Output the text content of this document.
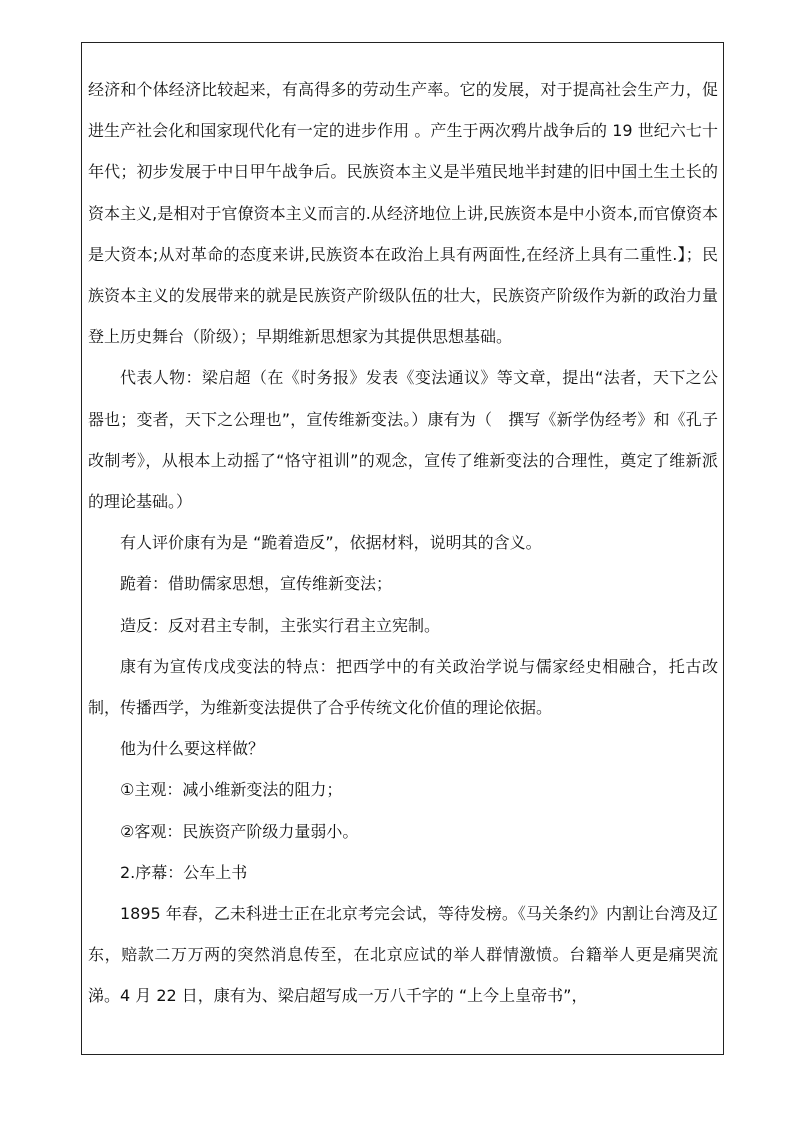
经济和个体经济比较起来，有高得多的劳动生产率。它的发展，对于提高社会生产力，促进生产社会化和国家现代化有一定的进步作用 。产生于两次鸦片战争后的 19 世纪六七十年代；初步发展于中日甲午战争后。民族资本主义是半殖民地半封建的旧中国土生土长的资本主义,是相对于官僚资本主义而言的.从经济地位上讲,民族资本是中小资本,而官僚资本是大资本;从对革命的态度来讲,民族资本在政治上具有两面性,在经济上具有二重性.】；民族资本主义的发展带来的就是民族资产阶级队伍的壮大，民族资产阶级作为新的政治力量登上历史舞台（阶级）；早期维新思想家为其提供思想基础。

代表人物：梁启超（在《时务报》发表《变法通议》等文章，提出“法者，天下之公器也；变者，天下之公理也”，宣传维新变法。）康有为（　撰写《新学伪经考》和《孔子改制考》，从根本上动摇了“恪守祖训”的观念，宣传了维新变法的合理性，奠定了维新派的理论基础。）

有人评价康有为是 “跪着造反”，依据材料，说明其的含义。

跪着：借助儒家思想，宣传维新变法；

造反：反对君主专制，主张实行君主立宪制。

康有为宣传戊戌变法的特点：把西学中的有关政治学说与儒家经史相融合，托古改制，传播西学，为维新变法提供了合乎传统文化价值的理论依据。

他为什么要这样做？

①主观：减小维新变法的阻力；

②客观：民族资产阶级力量弱小。

2.序幕：公车上书

1895 年春，乙未科进士正在北京考完会试，等待发榜。《马关条约》内割让台湾及辽东，赔款二万万两的突然消息传至，在北京应试的举人群情激愤。台籍举人更是痛哭流涕。4 月 22 日，康有为、梁启超写成一万八千字的 “上今上皇帝书”，
